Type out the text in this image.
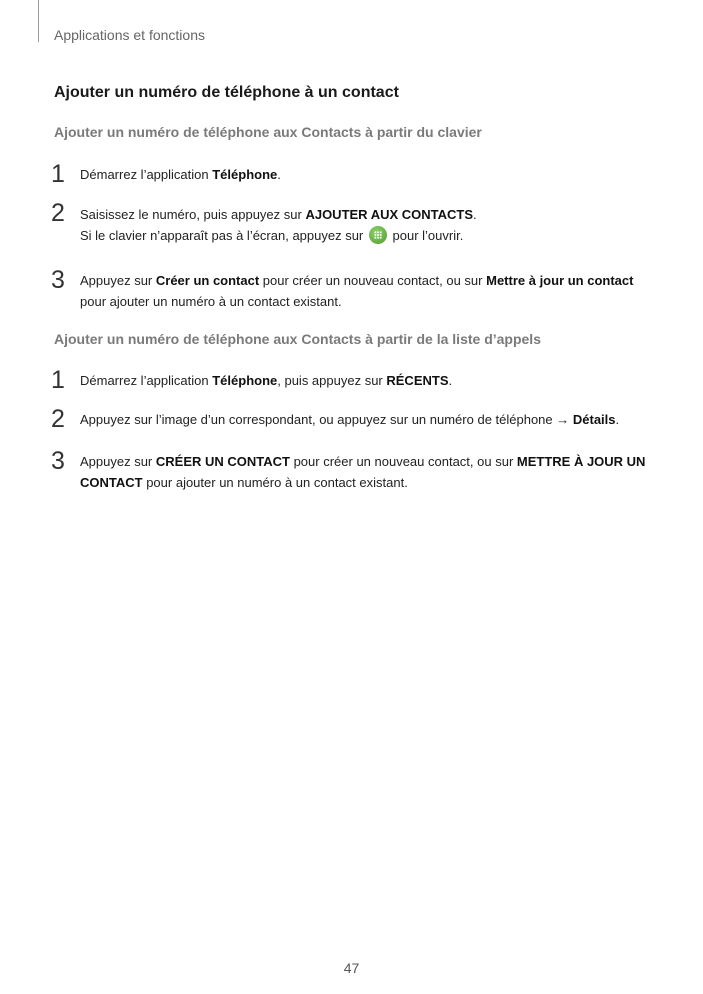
Applications et fonctions
Ajouter un numéro de téléphone à un contact
Ajouter un numéro de téléphone aux Contacts à partir du clavier
1 Démarrez l’application Téléphone.
2 Saisissez le numéro, puis appuyez sur AJOUTER AUX CONTACTS.
Si le clavier n’apparaît pas à l’écran, appuyez sur  pour l’ouvrir.
3 Appuyez sur Créer un contact pour créer un nouveau contact, ou sur Mettre à jour un contact
pour ajouter un numéro à un contact existant.
Ajouter un numéro de téléphone aux Contacts à partir de la liste d’appels
1 Démarrez l’application Téléphone, puis appuyez sur RÉCENTS.
2 Appuyez sur l’image d’un correspondant, ou appuyez sur un numéro de téléphone → Détails.
3 Appuyez sur CRÉER UN CONTACT pour créer un nouveau contact, ou sur METTRE À JOUR UN
CONTACT pour ajouter un numéro à un contact existant.
47
